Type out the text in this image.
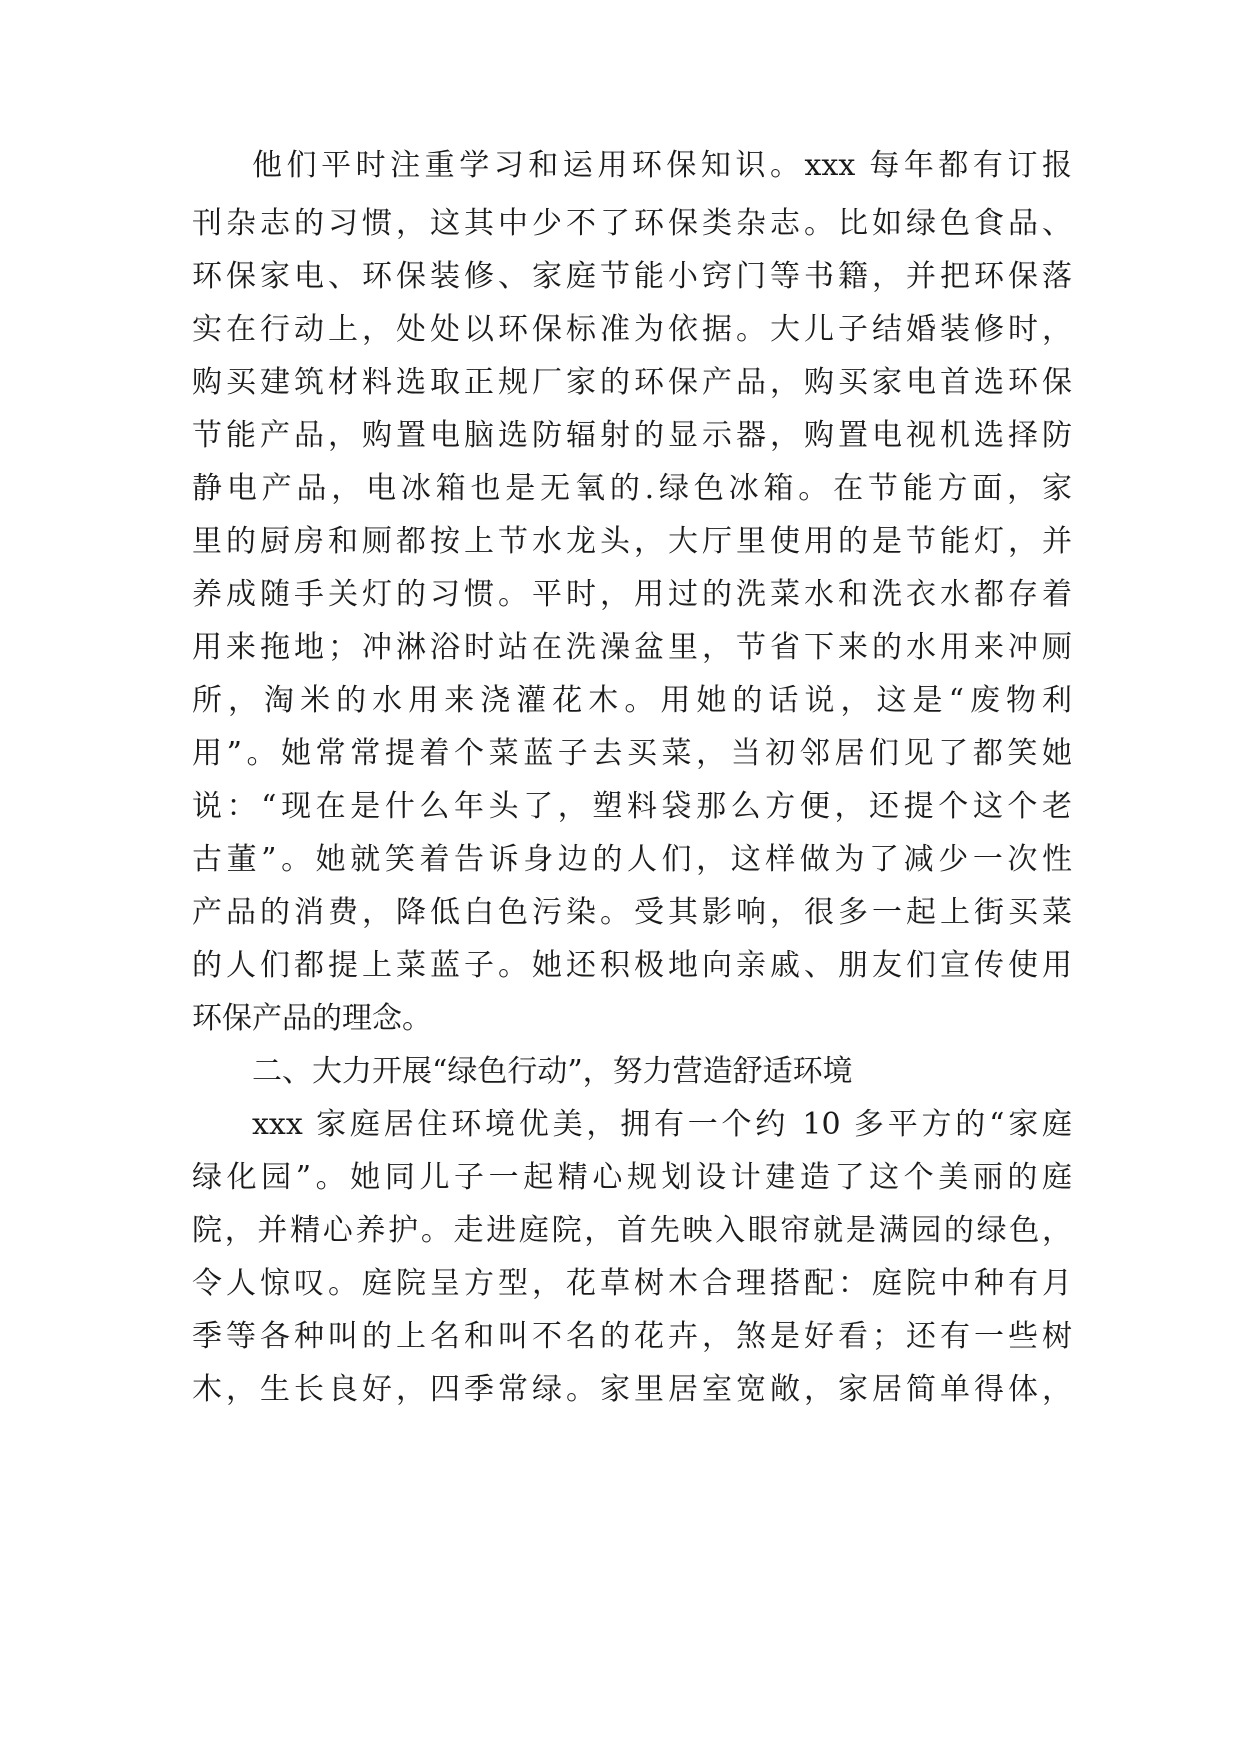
他们平时注重学习和运用环保知识。xxx 每年都有订报
刊杂志的习惯，这其中少不了环保类杂志。比如绿色食品、
环保家电、环保装修、家庭节能小窍门等书籍，并把环保落
实在行动上，处处以环保标准为依据。大儿子结婚装修时，
购买建筑材料选取正规厂家的环保产品，购买家电首选环保
节能产品，购置电脑选防辐射的显示器，购置电视机选择防
静电产品，电冰箱也是无氧的.绿色冰箱。在节能方面，家
里的厨房和厕都按上节水龙头，大厅里使用的是节能灯，并
养成随手关灯的习惯。平时，用过的洗菜水和洗衣水都存着
用来拖地；冲淋浴时站在洗澡盆里，节省下来的水用来冲厕
所，淘米的水用来浇灌花木。用她的话说，这是“废物利
用”。她常常提着个菜蓝子去买菜，当初邻居们见了都笑她
说：“现在是什么年头了，塑料袋那么方便，还提个这个老
古董”。她就笑着告诉身边的人们，这样做为了减少一次性
产品的消费，降低白色污染。受其影响，很多一起上街买菜
的人们都提上菜蓝子。她还积极地向亲戚、朋友们宣传使用
环保产品的理念。
二、大力开展“绿色行动”，努力营造舒适环境
xxx 家庭居住环境优美，拥有一个约 10 多平方的“家庭
绿化园”。她同儿子一起精心规划设计建造了这个美丽的庭
院，并精心养护。走进庭院，首先映入眼帘就是满园的绿色，
令人惊叹。庭院呈方型，花草树木合理搭配：庭院中种有月
季等各种叫的上名和叫不名的花卉，煞是好看；还有一些树
木，生长良好，四季常绿。家里居室宽敞，家居简单得体，
